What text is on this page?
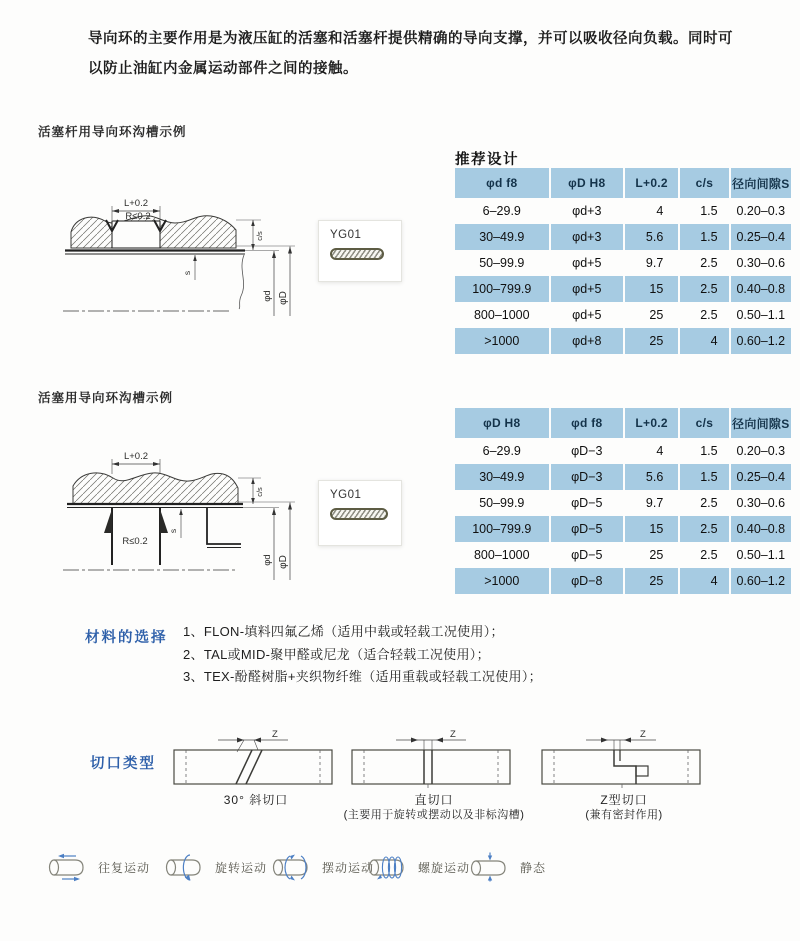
导向环的主要作用是为液压缸的活塞和活塞杆提供精确的导向支撑，并可以吸收径向负载。同时可以防止油缸内金属运动部件之间的接触。
活塞杆用导向环沟槽示例
L+0.2
R≤0.2
c/s
s
φd φD
YG01
推荐设计
φd f8	φD H8	L+0.2	c/s	径向间隙S
6–29.9	φd+3	4	1.5	0.20–0.3
30–49.9	φd+3	5.6	1.5	0.25–0.4
50–99.9	φd+5	9.7	2.5	0.30–0.6
100–799.9	φd+5	15	2.5	0.40–0.8
800–1000	φd+5	25	2.5	0.50–1.1
>1000	φd+8	25	4	0.60–1.2
活塞用导向环沟槽示例
L+0.2
R≤0.2
s
c/s
φd φD
YG01
φD H8	φd f8	L+0.2	c/s	径向间隙S
6–29.9	φD−3	4	1.5	0.20–0.3
30–49.9	φD−3	5.6	1.5	0.25–0.4
50–99.9	φD−5	9.7	2.5	0.30–0.6
100–799.9	φD−5	15	2.5	0.40–0.8
800–1000	φD−5	25	2.5	0.50–1.1
>1000	φD−8	25	4	0.60–1.2
材料的选择 1、FLON-填料四氟乙烯（适用中载或轻载工况使用）；
2、TAL或MID-聚甲醛或尼龙（适合轻载工况使用）；
3、TEX-酚醛树脂+夹织物纤维（适用重载或轻载工况使用）；
切口类型
Z
30° 斜切口
Z
直切口
(主要用于旋转或摆动以及非标沟槽)
Z
Z型切口
(兼有密封作用)
往复运动	旋转运动	摆动运动	螺旋运动	静态
